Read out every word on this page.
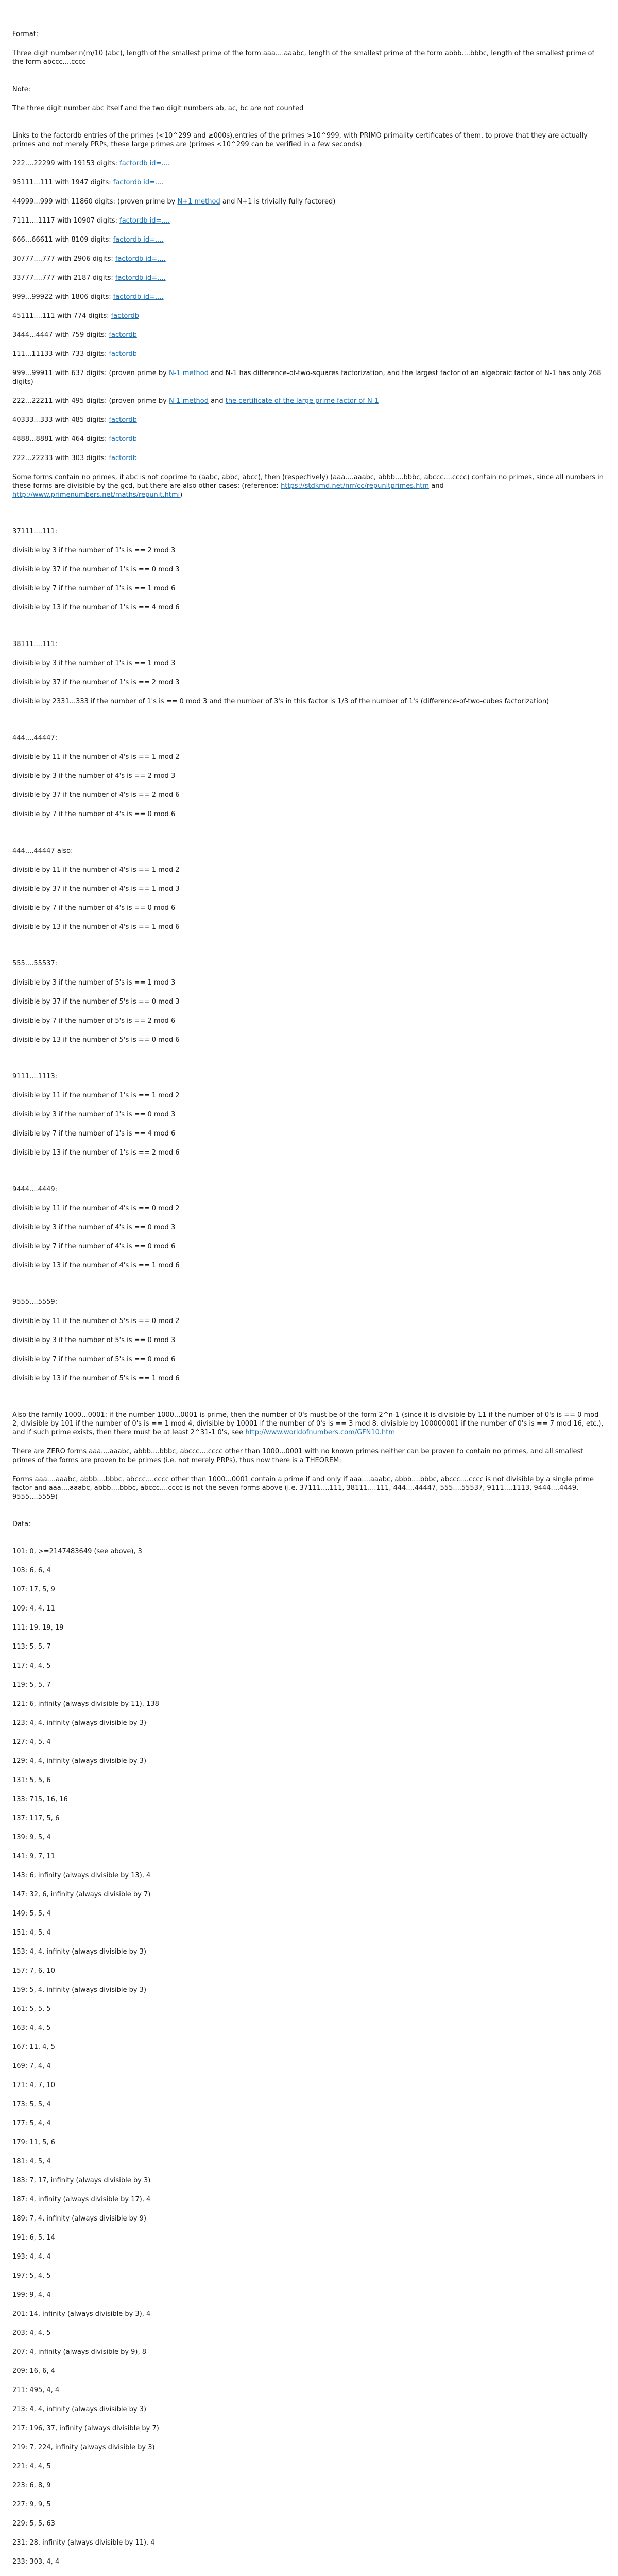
Format:

Three digit number n(m/10 (abc), length of the smallest prime of the form aaa....aaabc, length of the smallest prime of the form abbb....bbbc, length of the smallest prime of the form abccc....cccc

Note:

The three digit number abc itself and the two digit numbers ab, ac, bc are not counted

Links to the factordb entries of the primes (<10^299 and ≥000s),entries of the primes >10^999, with PRIMO primality certificates of them, to prove that they are actually primes and not merely PRPs, these large primes are (primes <10^299 can be verified in a few seconds)

222....22299 with 19153 digits: factordb id=....

95111...111 with 1947 digits: factordb id=....

44999...999 with 11860 digits: (proven prime by N+1 method and N+1 is trivially fully factored)

7111....1117 with 10907 digits: factordb id=....

666...66611 with 8109 digits: factordb id=....

30777....777 with 2906 digits: factordb id=....

33777....777 with 2187 digits: factordb id=....

999...99922 with 1806 digits: factordb id=....

45111....111 with 774 digits: factordb

3444...4447 with 759 digits: factordb

111...11133 with 733 digits: factordb

999...99911 with 637 digits: (proven prime by N-1 method and N-1 has difference-of-two-squares factorization, and the largest factor of an algebraic factor of N-1 has only 268 digits)

222...22211 with 495 digits: (proven prime by N-1 method and the certificate of the large prime factor of N-1

40333...333 with 485 digits: factordb

4888...8881 with 464 digits: factordb

222...22233 with 303 digits: factordb

Some forms contain no primes, if abc is not coprime to (aabc, abbc, abcc), then (respectively) (aaa....aaabc, abbb....bbbc, abccc....cccc) contain no primes, since all numbers in these forms are divisible by the gcd, but there are also other cases: (reference: https://stdkmd.net/nrr/cc/repunitprimes.htm and http://www.primenumbers.net/maths/repunit.html)

37111....111:

divisible by 3 if the number of 1's is == 2 mod 3

divisible by 37 if the number of 1's is == 0 mod 3

divisible by 7 if the number of 1's is == 1 mod 6

divisible by 13 if the number of 1's is == 4 mod 6

38111....111:

divisible by 3 if the number of 1's is == 1 mod 3

divisible by 37 if the number of 1's is == 2 mod 3

divisible by 2331...333 if the number of 1's is == 0 mod 3 and the number of 3's in this factor is 1/3 of the number of 1's (difference-of-two-cubes factorization)

444....44447:

divisible by 11 if the number of 4's is == 1 mod 2

divisible by 3 if the number of 4's is == 2 mod 3

divisible by 37 if the number of 4's is == 2 mod 6

divisible by 7 if the number of 4's is == 0 mod 6

444....44447 also:

divisible by 11 if the number of 4's is == 1 mod 2

divisible by 37 if the number of 4's is == 1 mod 3

divisible by 7 if the number of 4's is == 0 mod 6

divisible by 13 if the number of 4's is == 1 mod 6

555....55537:

divisible by 3 if the number of 5's is == 1 mod 3

divisible by 37 if the number of 5's is == 0 mod 3

divisible by 7 if the number of 5's is == 2 mod 6

divisible by 13 if the number of 5's is == 0 mod 6

9111....1113:

divisible by 11 if the number of 1's is == 1 mod 2

divisible by 3 if the number of 1's is == 0 mod 3

divisible by 7 if the number of 1's is == 4 mod 6

divisible by 13 if the number of 1's is == 2 mod 6

9444....4449:

divisible by 11 if the number of 4's is == 0 mod 2

divisible by 3 if the number of 4's is == 0 mod 3

divisible by 7 if the number of 4's is == 0 mod 6

divisible by 13 if the number of 4's is == 1 mod 6

9555....5559:

divisible by 11 if the number of 5's is == 0 mod 2

divisible by 3 if the number of 5's is == 0 mod 3

divisible by 7 if the number of 5's is == 0 mod 6

divisible by 13 if the number of 5's is == 1 mod 6

Also the family 1000...0001: if the number 1000...0001 is prime, then the number of 0's must be of the form 2^n-1 (since it is divisible by 11 if the number of 0's is == 0 mod 2, divisible by 101 if the number of 0's is == 1 mod 4, divisible by 10001 if the number of 0's is == 3 mod 8, divisible by 100000001 if the number of 0's is == 7 mod 16, etc.), and if such prime exists, then there must be at least 2^31-1 0's, see http://www.worldofnumbers.com/GFN10.htm

There are ZERO forms aaa....aaabc, abbb....bbbc, abccc....cccc other than 1000...0001 with no known primes neither can be proven to contain no primes, and all smallest primes of the forms are proven to be primes (i.e. not merely PRPs), thus now there is a THEOREM:

Forms aaa....aaabc, abbb....bbbc, abccc....cccc other than 1000...0001 contain a prime if and only if aaa....aaabc, abbb....bbbc, abccc....cccc is not divisible by a single prime factor and aaa....aaabc, abbb....bbbc, abccc....cccc is not the seven forms above (i.e. 37111....111, 38111....111, 444....44447, 555....55537, 9111....1113, 9444....4449, 9555....5559)

Data:

101: 0, >=2147483649 (see above), 3

103: 6, 6, 4

107: 17, 5, 9

109: 4, 4, 11

111: 19, 19, 19

113: 5, 5, 7

117: 4, 4, 5

119: 5, 5, 7

121: 6, infinity (always divisible by 11), 138

123: 4, 4, infinity (always divisible by 3)

127: 4, 5, 4

129: 4, 4, infinity (always divisible by 3)

131: 5, 5, 6

133: 715, 16, 16

137: 117, 5, 6

139: 9, 5, 4

141: 9, 7, 11

143: 6, infinity (always divisible by 13), 4

147: 32, 6, infinity (always divisible by 7)

149: 5, 5, 4

151: 4, 5, 4

153: 4, 4, infinity (always divisible by 3)

157: 7, 6, 10

159: 5, 4, infinity (always divisible by 3)

161: 5, 5, 5

163: 4, 4, 5

167: 11, 4, 5

169: 7, 4, 4

171: 4, 7, 10

173: 5, 5, 4

177: 5, 4, 4

179: 11, 5, 6

181: 4, 5, 4

183: 7, 17, infinity (always divisible by 3)

187: 4, infinity (always divisible by 17), 4

189: 7, 4, infinity (always divisible by 9)

191: 6, 5, 14

193: 4, 4, 4

197: 5, 4, 5

199: 9, 4, 4

201: 14, infinity (always divisible by 3), 4

203: 4, 4, 5

207: 4, infinity (always divisible by 9), 8

209: 16, 6, 4

211: 495, 4, 4

213: 4, 4, infinity (always divisible by 3)

217: 196, 37, infinity (always divisible by 7)

219: 7, 224, infinity (always divisible by 3)

221: 4, 4, 5

223: 6, 8, 9

227: 9, 9, 5

229: 5, 5, 63

231: 28, infinity (always divisible by 11), 4

233: 303, 4, 4
